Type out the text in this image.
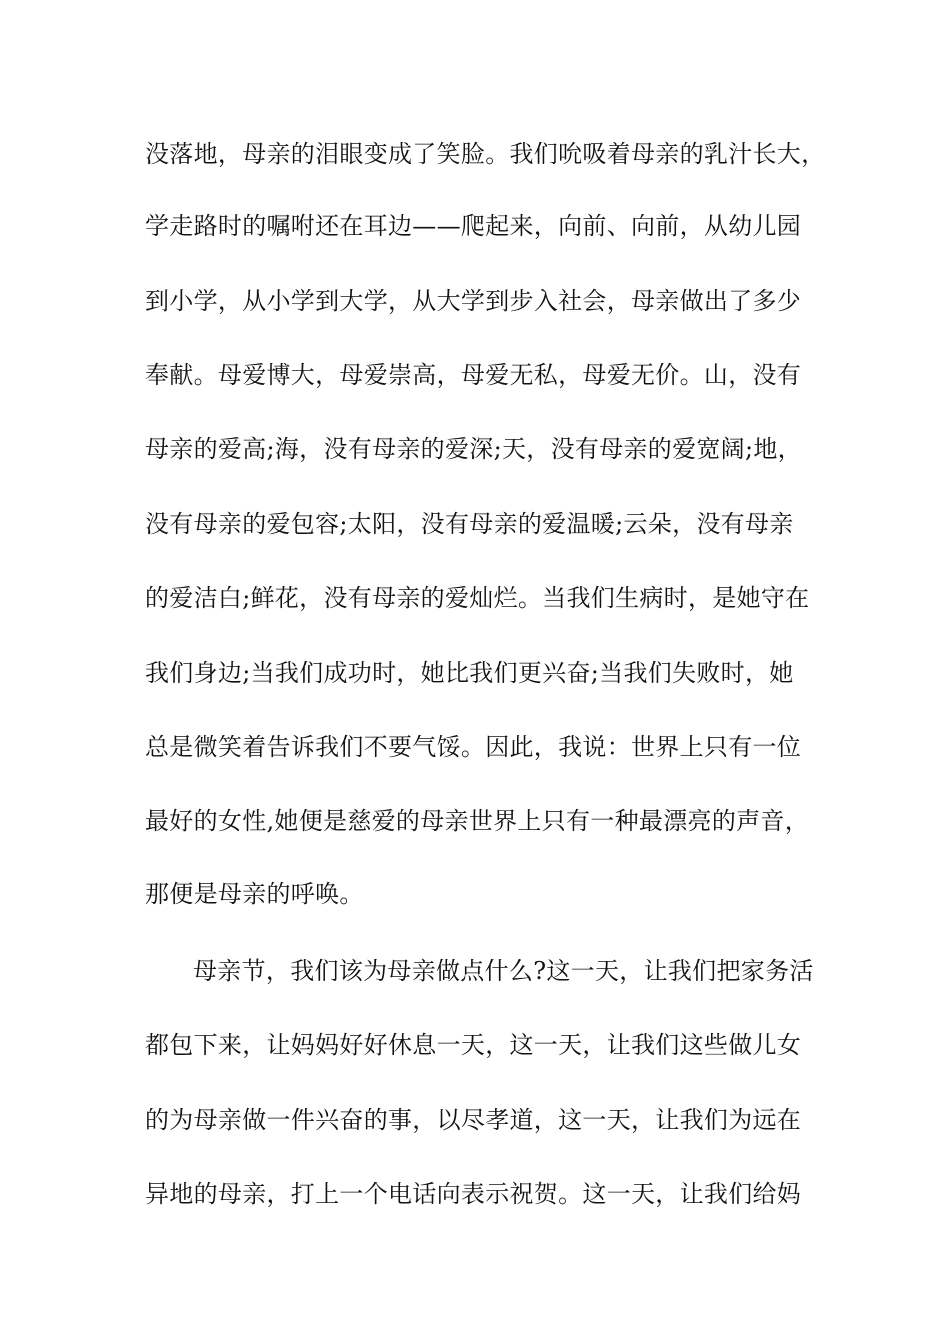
没落地，母亲的泪眼变成了笑脸。我们吮吸着母亲的乳汁长大，
学走路时的嘱咐还在耳边——爬起来，向前、向前，从幼儿园
到小学，从小学到大学，从大学到步入社会，母亲做出了多少
奉献。母爱博大，母爱崇高，母爱无私，母爱无价。山，没有
母亲的爱高;海，没有母亲的爱深;天，没有母亲的爱宽阔;地，
没有母亲的爱包容;太阳，没有母亲的爱温暖;云朵，没有母亲
的爱洁白;鲜花，没有母亲的爱灿烂。当我们生病时，是她守在
我们身边;当我们成功时，她比我们更兴奋;当我们失败时，她
总是微笑着告诉我们不要气馁。因此，我说：世界上只有一位
最好的女性,她便是慈爱的母亲世界上只有一种最漂亮的声音，
那便是母亲的呼唤。
母亲节，我们该为母亲做点什么?这一天，让我们把家务活
都包下来，让妈妈好好休息一天，这一天，让我们这些做儿女
的为母亲做一件兴奋的事，以尽孝道，这一天，让我们为远在
异地的母亲，打上一个电话向表示祝贺。这一天，让我们给妈
